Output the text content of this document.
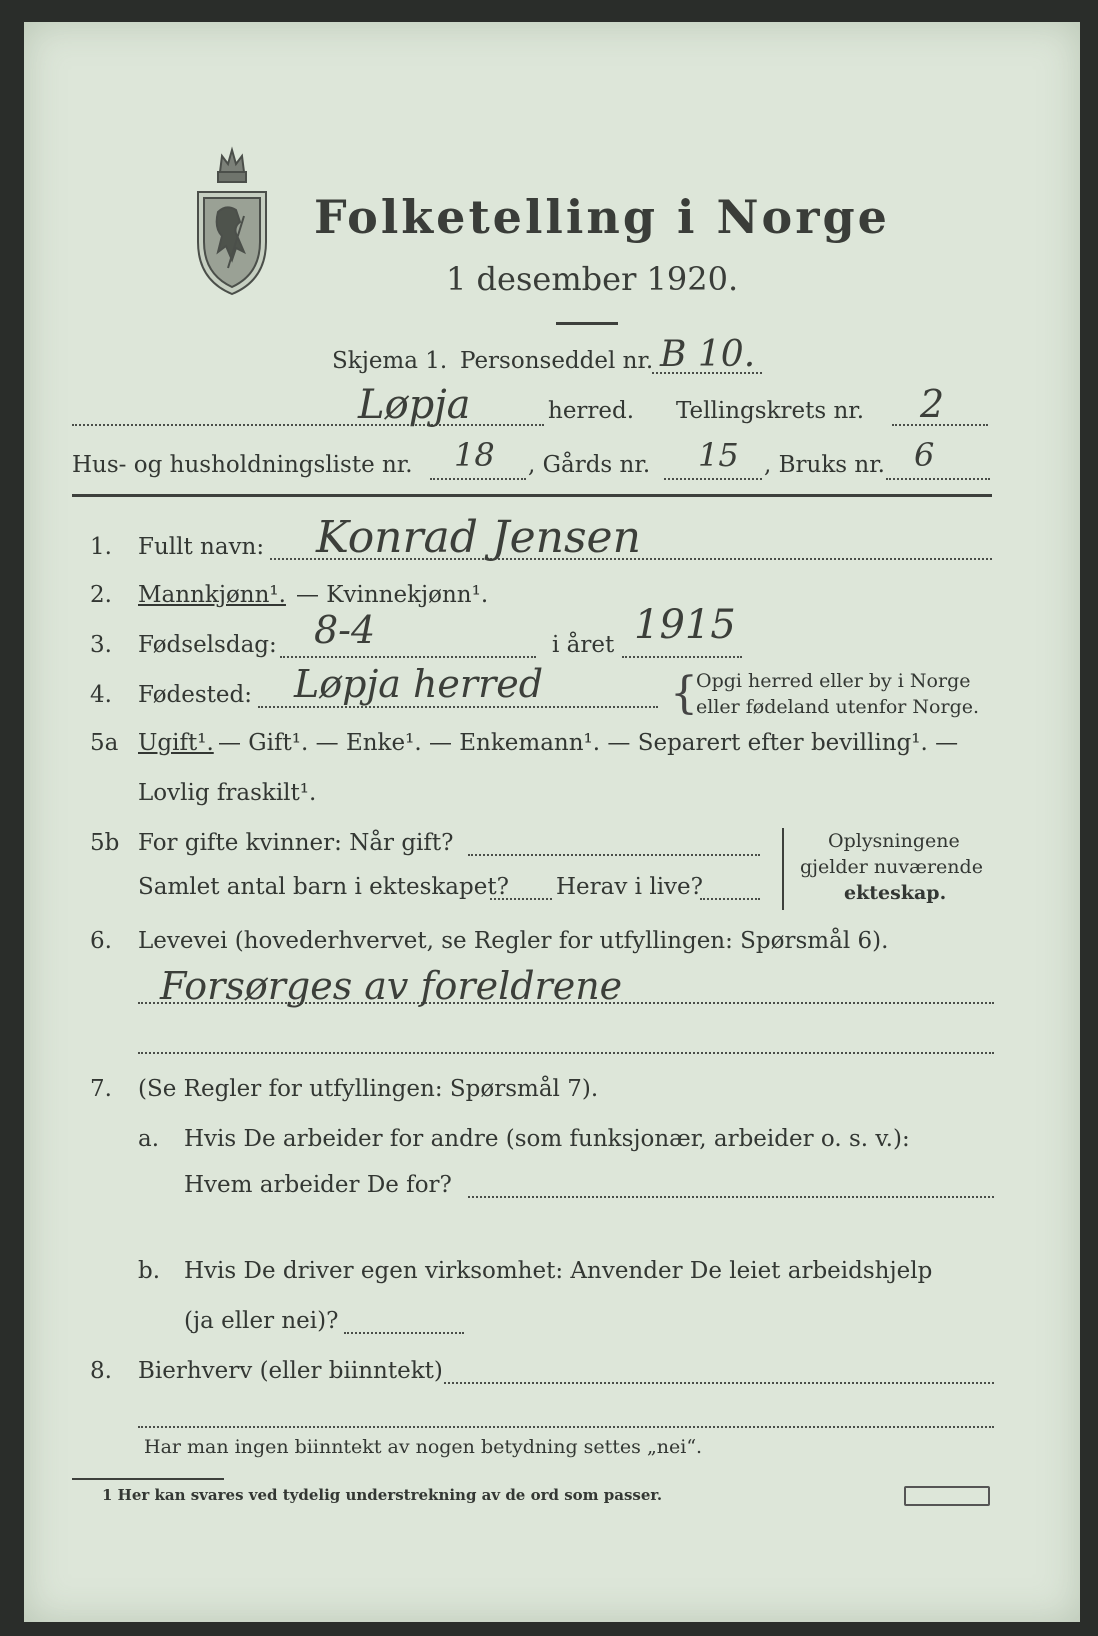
Folketelling i Norge
1 desember 1920.
Skjema 1. Personseddel nr. B 10.
Løpja	herred. Tellingskrets nr. 2
Hus- og husholdningsliste nr. 18 , Gårds nr. 15 , Bruks nr. 6
1. Fullt navn: Konrad Jensen
2. Mannkjønn¹. — Kvinnekjønn¹.
3. Fødselsdag: 8-4	i året 1915
4. Fødested: Løpja herred	{
Opgi herred eller by i Norge
eller fødeland utenfor Norge.
5a Ugift¹. — Gift¹. — Enke¹. — Enkemann¹. — Separert efter bevilling¹. —
Lovlig fraskilt¹.
5b For gifte kvinner: Når gift?
Samlet antal barn i ekteskapet? Herav i live?
Oplysningene
gjelder nuværende
ekteskap.
6. Levevei (hovederhvervet, se Regler for utfyllingen: Spørsmål 6).
Forsørges av foreldrene
7. (Se Regler for utfyllingen: Spørsmål 7).
a. Hvis De arbeider for andre (som funksjonær, arbeider o. s. v.):
Hvem arbeider De for?
b. Hvis De driver egen virksomhet: Anvender De leiet arbeidshjelp
(ja eller nei)?
8. Bierhverv (eller biinntekt)
Har man ingen biinntekt av nogen betydning settes „nei“.
1 Her kan svares ved tydelig understrekning av de ord som passer.
